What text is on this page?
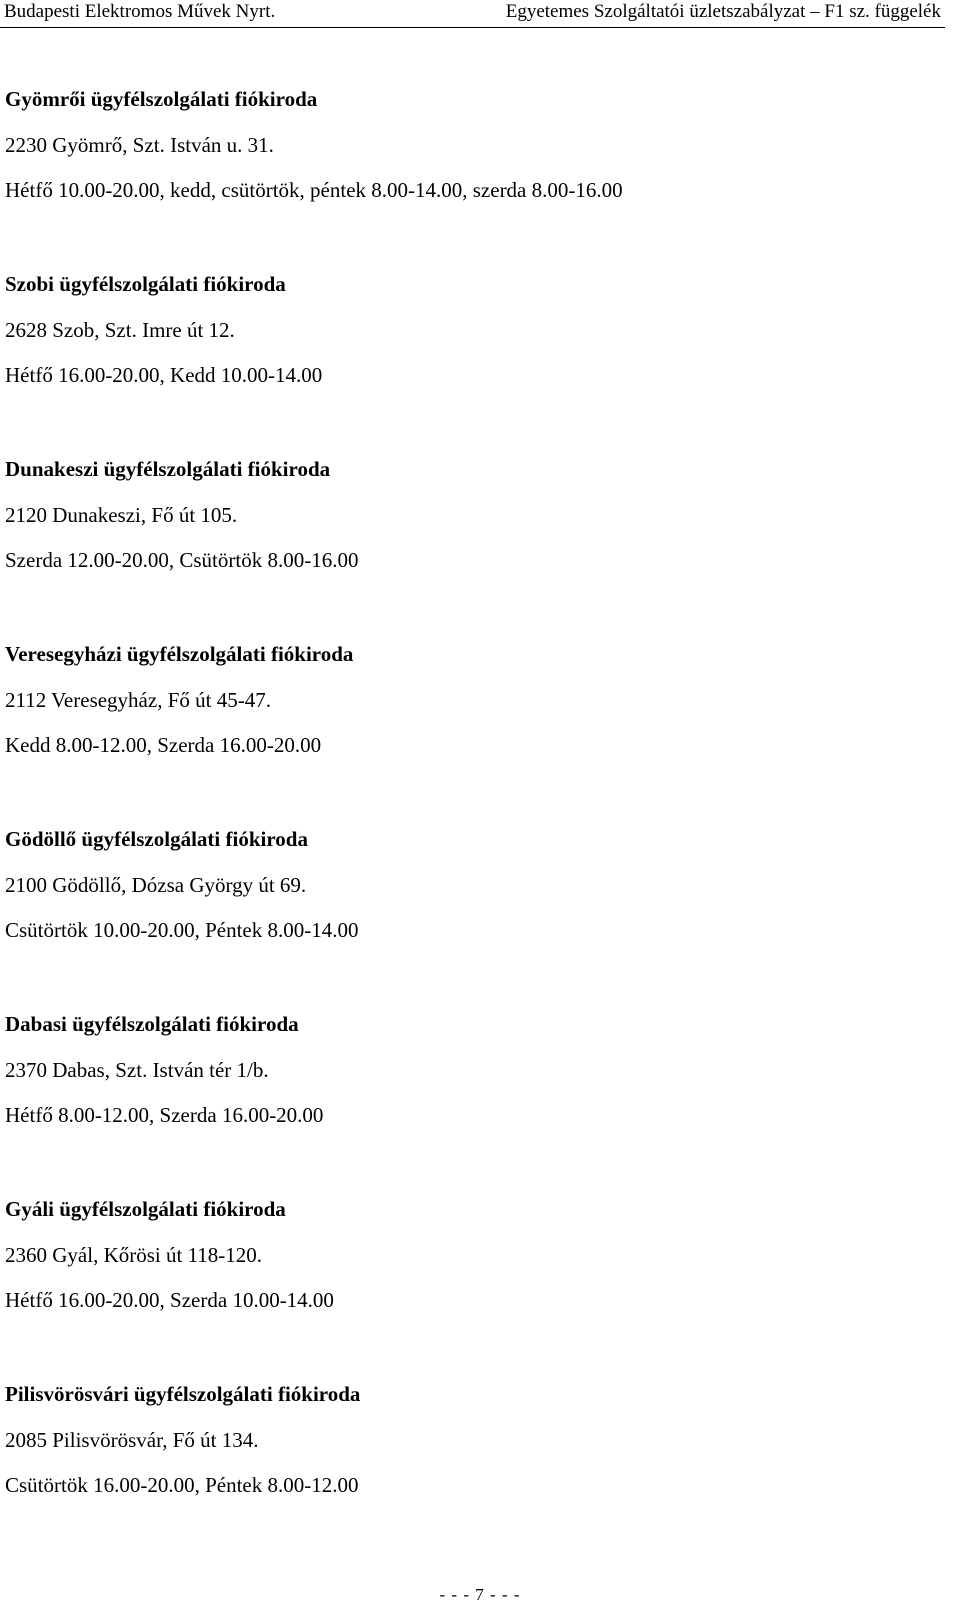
Budapesti Elektromos Művek Nyrt.	Egyetemes Szolgáltatói üzletszabályzat – F1 sz. függelék
Gyömrői ügyfélszolgálati fiókiroda
2230 Gyömrő, Szt. István u. 31.
Hétfő 10.00-20.00, kedd, csütörtök, péntek 8.00-14.00, szerda 8.00-16.00
Szobi ügyfélszolgálati fiókiroda
2628 Szob, Szt. Imre út 12.
Hétfő 16.00-20.00, Kedd 10.00-14.00
Dunakeszi ügyfélszolgálati fiókiroda
2120 Dunakeszi, Fő út 105.
Szerda 12.00-20.00, Csütörtök 8.00-16.00
Veresegyházi ügyfélszolgálati fiókiroda
2112 Veresegyház, Fő út 45-47.
Kedd 8.00-12.00, Szerda 16.00-20.00
Gödöllő ügyfélszolgálati fiókiroda
2100 Gödöllő, Dózsa György út 69.
Csütörtök 10.00-20.00, Péntek 8.00-14.00
Dabasi ügyfélszolgálati fiókiroda
2370 Dabas, Szt. István tér 1/b.
Hétfő 8.00-12.00, Szerda 16.00-20.00
Gyáli ügyfélszolgálati fiókiroda
2360 Gyál, Kőrösi út 118-120.
Hétfő 16.00-20.00, Szerda 10.00-14.00
Pilisvörösvári ügyfélszolgálati fiókiroda
2085 Pilisvörösvár, Fő út 134.
Csütörtök 16.00-20.00, Péntek 8.00-12.00
- - - 7 - - -
